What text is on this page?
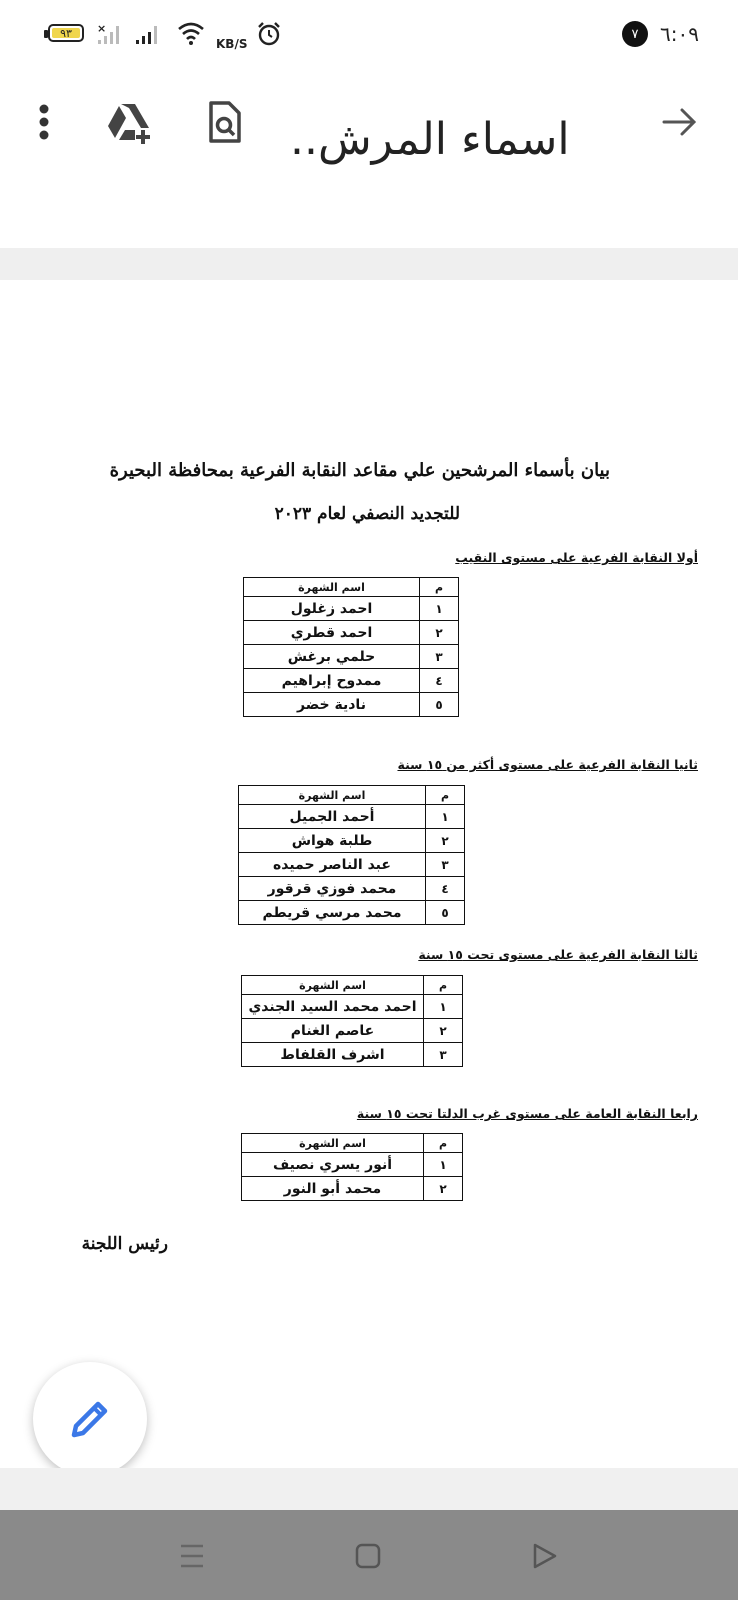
٩٣ ×
KB/S
٧	٦:٠٩
اسماء المرش..
بيان بأسماء المرشحين علي مقاعد النقابة الفرعية بمحافظة البحيرة
للتجديد النصفي لعام ٢٠٢٣
أولا النقابة الفرعية على مستوى النقيب
م	اسم الشهرة
١	احمد زغلول
٢	احمد قطري
٣	حلمي برغش
٤	ممدوح إبراهيم
٥	نادية خضر
ثانيا النقابة الفرعية على مستوى أكثر من ١٥ سنة
م	اسم الشهرة
١	أحمد الجميل
٢	طلبة هواش
٣	عبد الناصر حميده
٤	محمد فوزي قرقور
٥	محمد مرسي قريطم
ثالثا النقابة الفرعية على مستوى تحت ١٥ سنة
م	اسم الشهرة
١	احمد محمد السيد الجندي
٢	عاصم الغنام
٣	اشرف القلفاط
رابعا النقابة العامة على مستوى غرب الدلتا تحت ١٥ سنة
م	اسم الشهرة
١	أنور يسري نصيف
٢	محمد أبو النور
رئيس اللجنة
